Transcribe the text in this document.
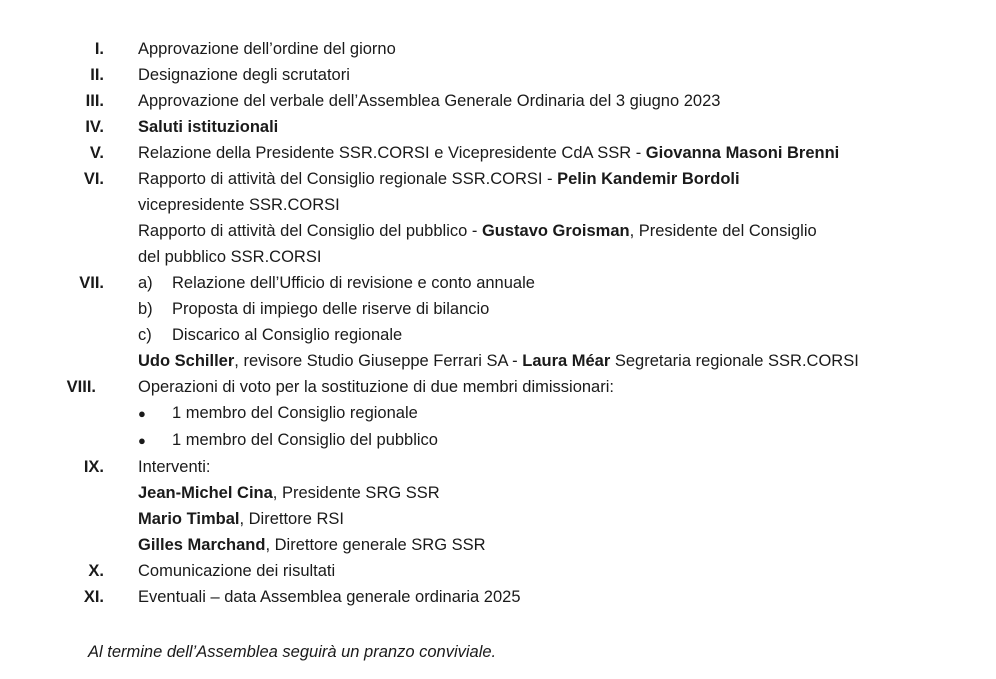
I. Approvazione dell’ordine del giorno
II. Designazione degli scrutatori
III. Approvazione del verbale dell’Assemblea Generale Ordinaria del 3 giugno 2023
IV. Saluti istituzionali
V. Relazione della Presidente SSR.CORSI e Vicepresidente CdA SSR - Giovanna Masoni Brenni
VI. Rapporto di attività del Consiglio regionale SSR.CORSI - Pelin Kandemir Bordoli
vicepresidente SSR.CORSI
Rapporto di attività del Consiglio del pubblico - Gustavo Groisman, Presidente del Consiglio
del pubblico SSR.CORSI
VII. a) Relazione dell’Ufficio di revisione e conto annuale
b) Proposta di impiego delle riserve di bilancio
c) Discarico al Consiglio regionale
Udo Schiller, revisore Studio Giuseppe Ferrari SA - Laura Méar Segretaria regionale SSR.CORSI
VIII.	Operazioni di voto per la sostituzione di due membri dimissionari:
● 1 membro del Consiglio regionale
● 1 membro del Consiglio del pubblico
IX. Interventi:
Jean-Michel Cina, Presidente SRG SSR
Mario Timbal, Direttore RSI
Gilles Marchand, Direttore generale SRG SSR
X. Comunicazione dei risultati
XI. Eventuali – data Assemblea generale ordinaria 2025
Al termine dell’Assemblea seguirà un pranzo conviviale.
